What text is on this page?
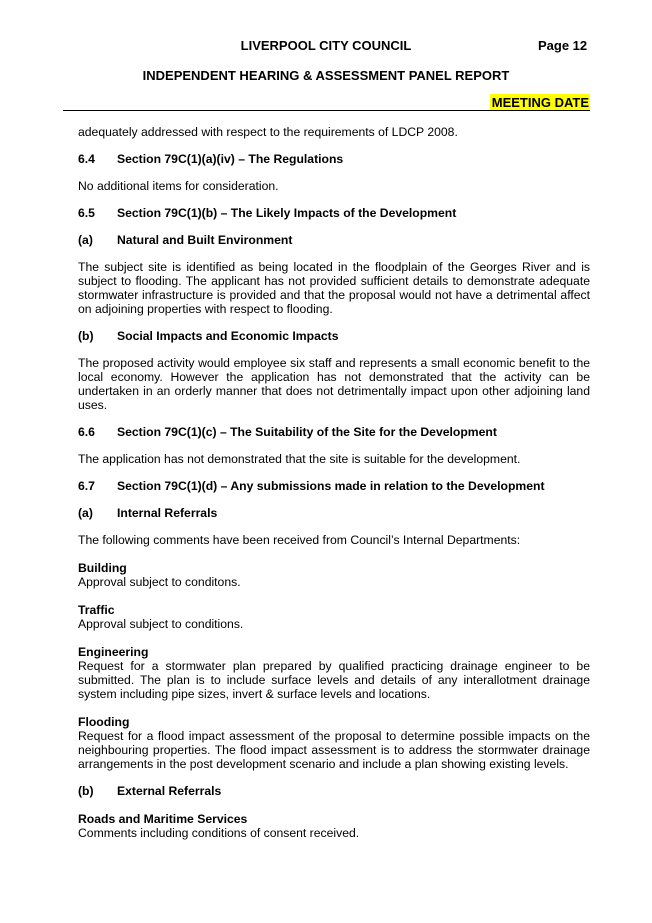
LIVERPOOL CITY COUNCIL	Page 12
INDEPENDENT HEARING & ASSESSMENT PANEL REPORT
MEETING DATE

adequately addressed with respect to the requirements of LDCP 2008.

6.4	Section 79C(1)(a)(iv) – The Regulations

No additional items for consideration.

6.5	Section 79C(1)(b) – The Likely Impacts of the Development
(a)	Natural and Built Environment

The subject site is identified as being located in the floodplain of the Georges River and is subject to flooding. The applicant has not provided sufficient details to demonstrate adequate stormwater infrastructure is provided and that the proposal would not have a detrimental affect on adjoining properties with respect to flooding.

(b)	Social Impacts and Economic Impacts

The proposed activity would employee six staff and represents a small economic benefit to the local economy. However the application has not demonstrated that the activity can be undertaken in an orderly manner that does not detrimentally impact upon other adjoining land uses.

6.6	Section 79C(1)(c) – The Suitability of the Site for the Development

The application has not demonstrated that the site is suitable for the development.

6.7	Section 79C(1)(d) – Any submissions made in relation to the Development
(a)	Internal Referrals

The following comments have been received from Council’s Internal Departments:

Building

Approval subject to conditons.

Traffic

Approval subject to conditions.

Engineering

Request for a stormwater plan prepared by qualified practicing drainage engineer to be submitted. The plan is to include surface levels and details of any interallotment drainage system including pipe sizes, invert & surface levels and locations.

Flooding

Request for a flood impact assessment of the proposal to determine possible impacts on the neighbouring properties. The flood impact assessment is to address the stormwater drainage arrangements in the post development scenario and include a plan showing existing levels.

(b)	External Referrals
Roads and Maritime Services

Comments including conditions of consent received.
